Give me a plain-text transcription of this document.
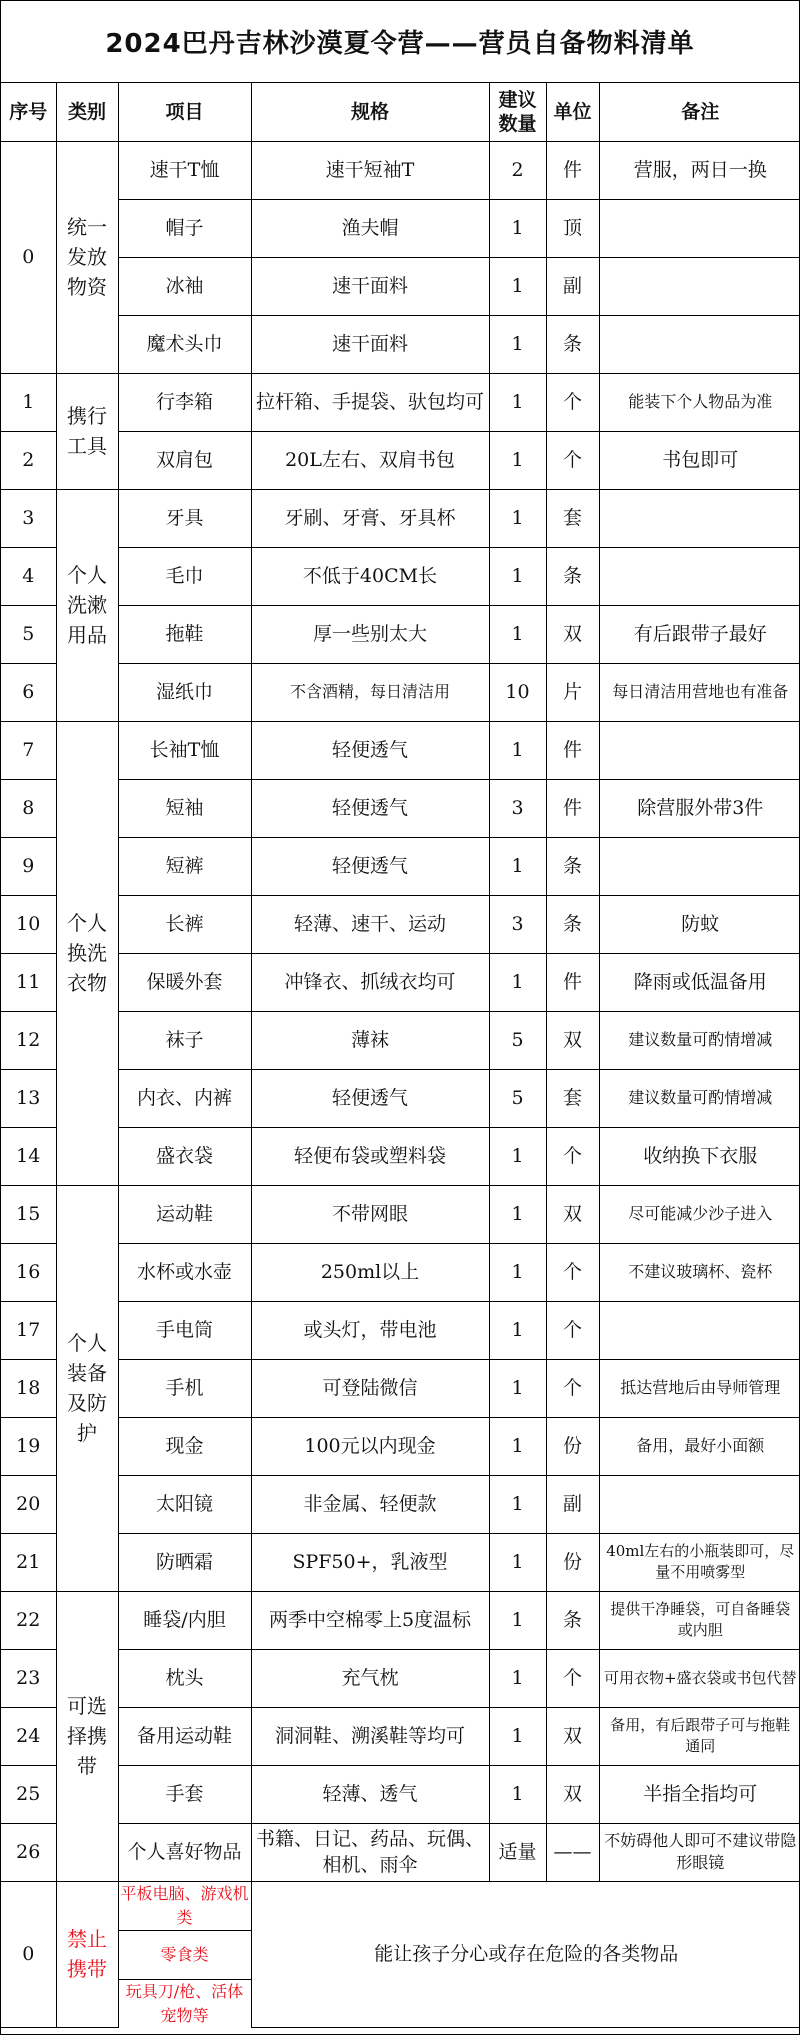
2024巴丹吉林沙漠夏令营——营员自备物料清单
序号	类别	项目	规格	建议数量	单位	备注
0	统一发放物资	速干T恤	速干短袖T	2	件	营服，两日一换
		帽子	渔夫帽	1	顶	
		冰袖	速干面料	1	副	
		魔术头巾	速干面料	1	条	
1	携行工具	行李箱	拉杆箱、手提袋、驮包均可	1	个	能装下个人物品为准
2		双肩包	20L左右、双肩书包	1	个	书包即可
3	个人洗漱用品	牙具	牙刷、牙膏、牙具杯	1	套	
4		毛巾	不低于40CM长	1	条	
5		拖鞋	厚一些别太大	1	双	有后跟带子最好
6		湿纸巾	不含酒精，每日清洁用	10	片	每日清洁用营地也有准备
7	个人换洗衣物	长袖T恤	轻便透气	1	件	
8		短袖	轻便透气	3	件	除营服外带3件
9		短裤	轻便透气	1	条	
10		长裤	轻薄、速干、运动	3	条	防蚊
11		保暖外套	冲锋衣、抓绒衣均可	1	件	降雨或低温备用
12		袜子	薄袜	5	双	建议数量可酌情增减
13		内衣、内裤	轻便透气	5	套	建议数量可酌情增减
14		盛衣袋	轻便布袋或塑料袋	1	个	收纳换下衣服
15	个人装备及防护	运动鞋	不带网眼	1	双	尽可能减少沙子进入
16		水杯或水壶	250ml以上	1	个	不建议玻璃杯、瓷杯
17		手电筒	或头灯，带电池	1	个	
18		手机	可登陆微信	1	个	抵达营地后由导师管理
19		现金	100元以内现金	1	份	备用，最好小面额
20		太阳镜	非金属、轻便款	1	副	
21		防晒霜	SPF50+，乳液型	1	份	40ml左右的小瓶装即可，尽量不用喷雾型
22	可选择携带	睡袋/内胆	两季中空棉零上5度温标	1	条	提供干净睡袋，可自备睡袋或内胆
23		枕头	充气枕	1	个	可用衣物+盛衣袋或书包代替
24		备用运动鞋	洞洞鞋、溯溪鞋等均可	1	双	备用，有后跟带子可与拖鞋通同
25		手套	轻薄、透气	1	双	半指全指均可
26		个人喜好物品	书籍、日记、药品、玩偶、相机、雨伞	适量	——	不妨碍他人即可不建议带隐形眼镜
0	禁止携带	平板电脑、游戏机类	能让孩子分心或存在危险的各类物品			
		零食类				
		玩具刀/枪、活体宠物等				
